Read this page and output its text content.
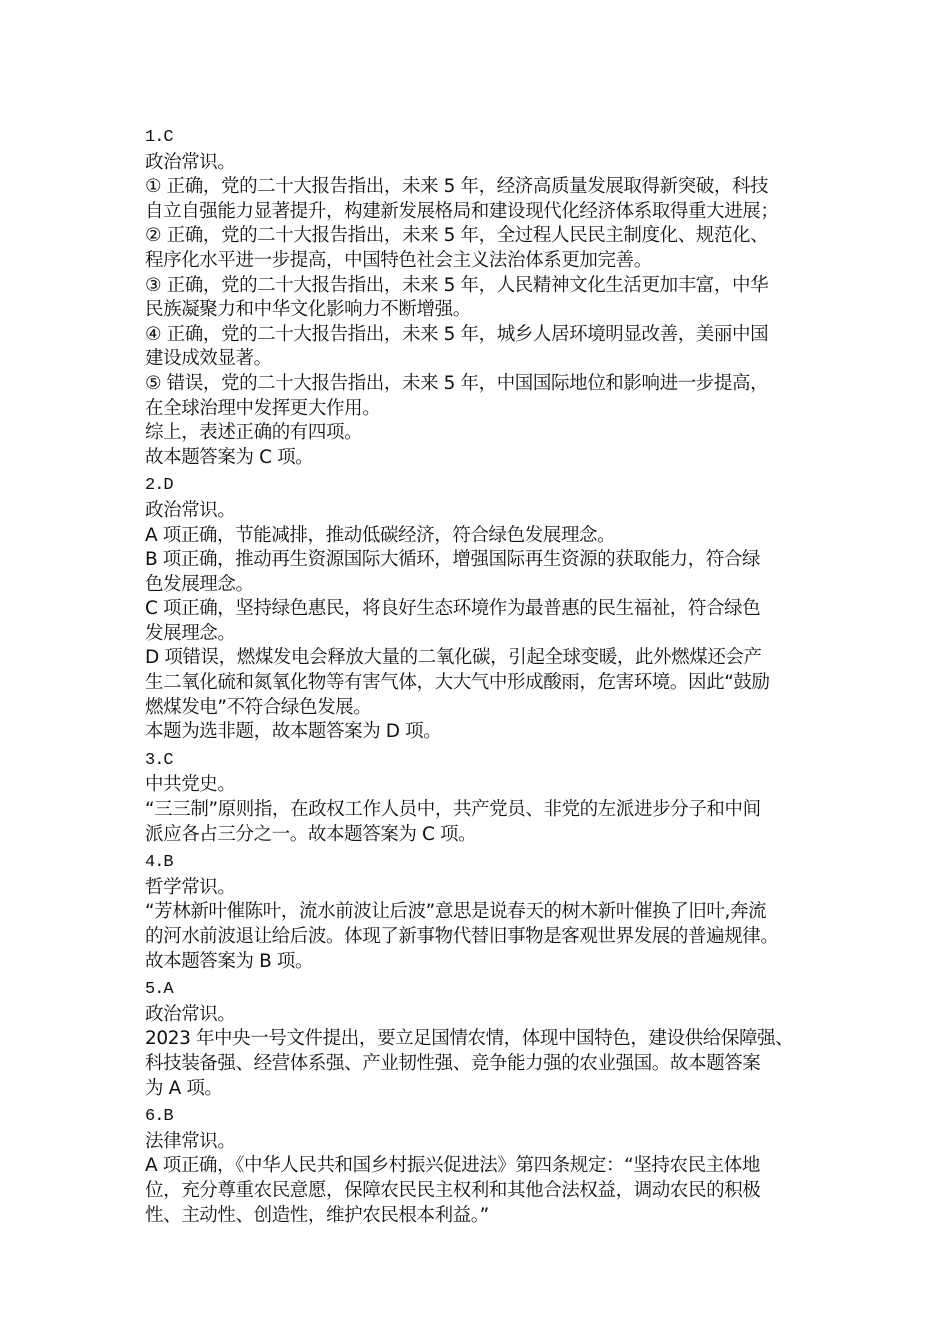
1.C
政治常识。
① 正确，党的二十大报告指出，未来 5 年，经济高质量发展取得新突破，科技
自立自强能力显著提升，构建新发展格局和建设现代化经济体系取得重大进展；
② 正确，党的二十大报告指出，未来 5 年，全过程人民民主制度化、规范化、
程序化水平进一步提高，中国特色社会主义法治体系更加完善。
③ 正确，党的二十大报告指出，未来 5 年，人民精神文化生活更加丰富，中华
民族凝聚力和中华文化影响力不断增强。
④ 正确，党的二十大报告指出，未来 5 年，城乡人居环境明显改善，美丽中国
建设成效显著。
⑤ 错误，党的二十大报告指出，未来 5 年，中国国际地位和影响进一步提高，
在全球治理中发挥更大作用。
综上，表述正确的有四项。
故本题答案为 C 项。
2.D
政治常识。
A 项正确，节能减排，推动低碳经济，符合绿色发展理念。
B 项正确，推动再生资源国际大循环，增强国际再生资源的获取能力，符合绿
色发展理念。
C 项正确，坚持绿色惠民，将良好生态环境作为最普惠的民生福祉，符合绿色
发展理念。
D 项错误，燃煤发电会释放大量的二氧化碳，引起全球变暖，此外燃煤还会产
生二氧化硫和氮氧化物等有害气体，大大气中形成酸雨，危害环境。因此“鼓励
燃煤发电”不符合绿色发展。
本题为选非题，故本题答案为 D 项。
3.C
中共党史。
“三三制”原则指，在政权工作人员中，共产党员、非党的左派进步分子和中间
派应各占三分之一。故本题答案为 C 项。
4.B
哲学常识。
“芳林新叶催陈叶，流水前波让后波”意思是说春天的树木新叶催换了旧叶,奔流
的河水前波退让给后波。体现了新事物代替旧事物是客观世界发展的普遍规律。
故本题答案为 B 项。
5.A
政治常识。
2023 年中央一号文件提出，要立足国情农情，体现中国特色，建设供给保障强、
科技装备强、经营体系强、产业韧性强、竞争能力强的农业强国。故本题答案
为 A 项。
6.B
法律常识。
A 项正确，《中华人民共和国乡村振兴促进法》第四条规定：“坚持农民主体地
位，充分尊重农民意愿，保障农民民主权利和其他合法权益，调动农民的积极
性、主动性、创造性，维护农民根本利益。”
